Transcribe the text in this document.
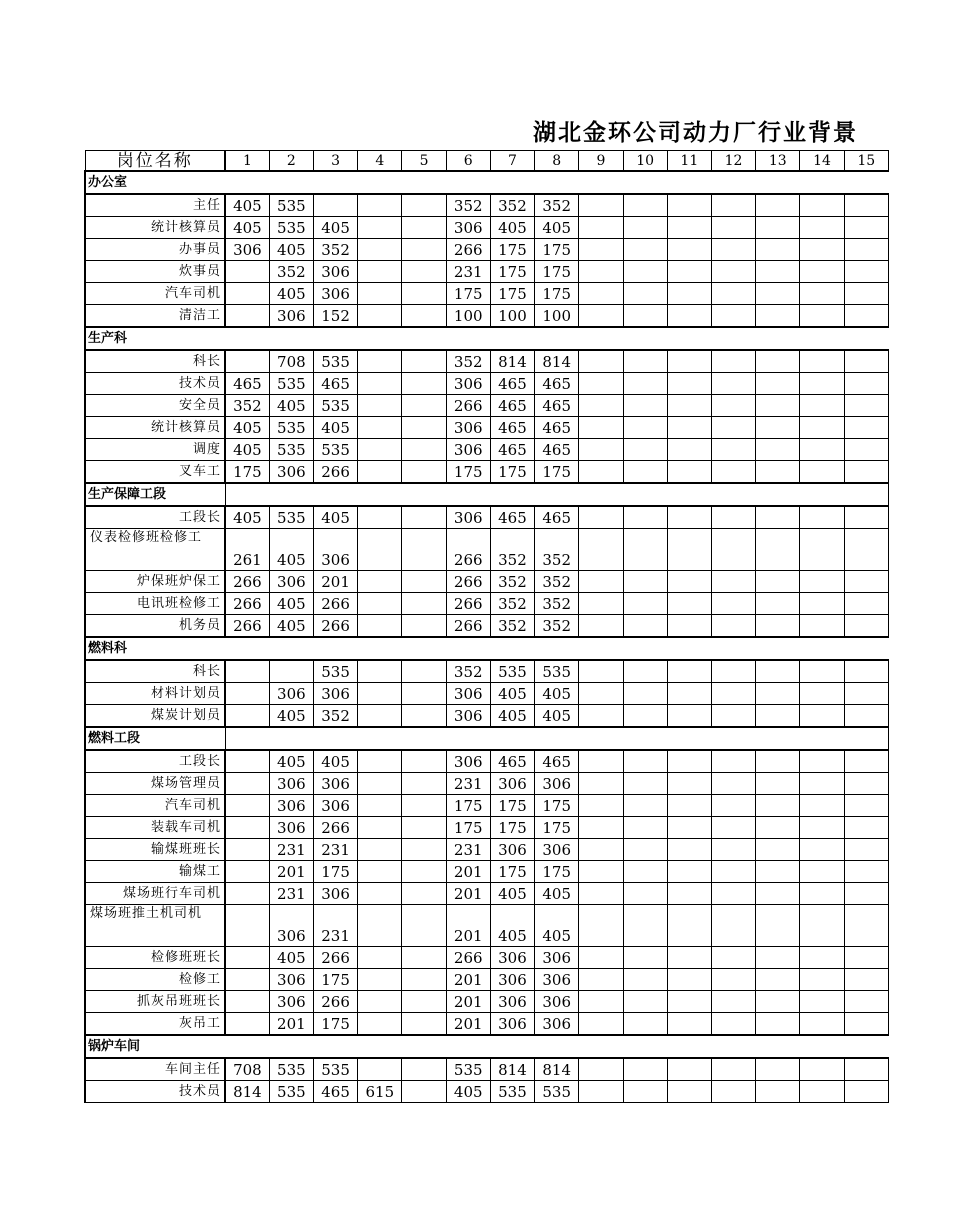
湖北金环公司动力厂行业背景
岗位名称	1	2	3	4	5	6	7	8	9	10	11	12	13	14	15
办公室															
主任	405	535				352	352	352							
统计核算员	405	535	405			306	405	405							
办事员	306	405	352			266	175	175							
炊事员		352	306			231	175	175							
汽车司机		405	306			175	175	175							
清洁工		306	152			100	100	100							
生产科															
科长		708	535			352	814	814							
技术员	465	535	465			306	465	465							
安全员	352	405	535			266	465	465							
统计核算员	405	535	405			306	465	465							
调度	405	535	535			306	465	465							
叉车工	175	306	266			175	175	175							
生产保障工段															
工段长	405	535	405			306	465	465							
仪表检修班检修工	261	405	306			266	352	352							
炉保班炉保工	266	306	201			266	352	352							
电讯班检修工	266	405	266			266	352	352							
机务员	266	405	266			266	352	352							
燃料科															
科长			535			352	535	535							
材料计划员		306	306			306	405	405							
煤炭计划员		405	352			306	405	405							
燃料工段															
工段长		405	405			306	465	465							
煤场管理员		306	306			231	306	306							
汽车司机		306	306			175	175	175							
装载车司机		306	266			175	175	175							
输煤班班长		231	231			231	306	306							
输煤工		201	175			201	175	175							
煤场班行车司机		231	306			201	405	405							
煤场班推土机司机		306	231			201	405	405							
检修班班长		405	266			266	306	306							
检修工		306	175			201	306	306							
抓灰吊班班长		306	266			201	306	306							
灰吊工		201	175			201	306	306							
锅炉车间															
车间主任	708	535	535			535	814	814							
技术员	814	535	465	615		405	535	535							
